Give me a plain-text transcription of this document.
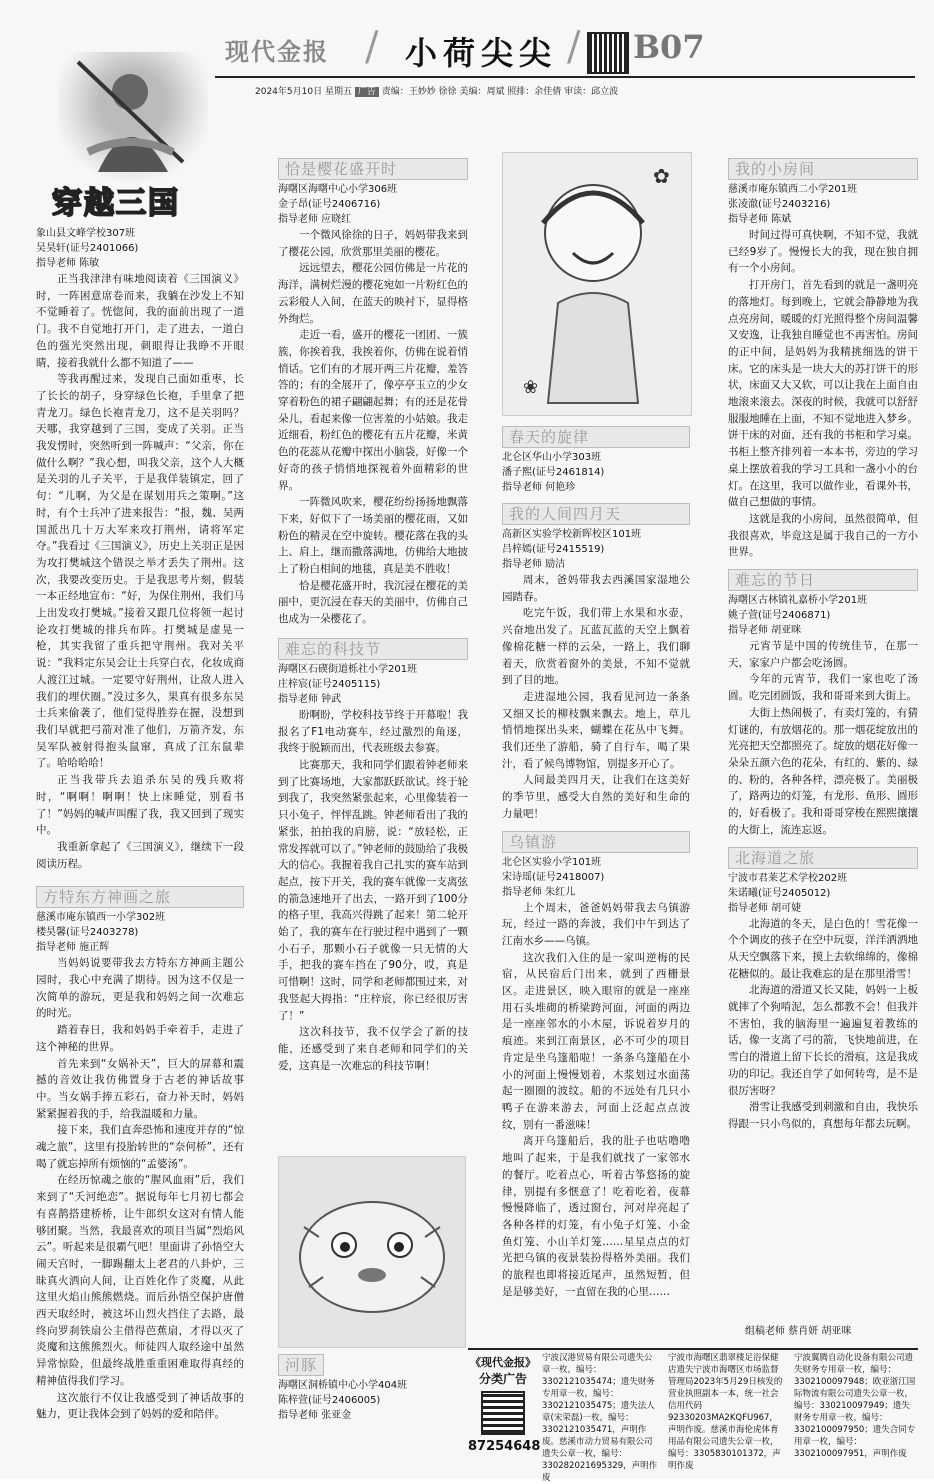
现代金报 / 小荷尖尖 / B07
2024年5月10日 星期五 广告 责编：王妙妙 徐徐 美编：周斌 照排：余佳倩 审读：邱立波
穿越三国
象山县文峰学校307班
吴昊轩(证号2401066)
指导老师 陈敏

正当我津津有味地阅读着《三国演义》时，一阵困意席卷而来，我躺在沙发上不知不觉睡着了。恍惚间，我的面前出现了一道门。我不自觉地打开门，走了进去，一道白色的强光突然出现，刺眼得让我睁不开眼睛，接着我就什么都不知道了——

等我再醒过来，发现自己面如重枣，长了长长的胡子，身穿绿色长袍，手里拿了把青龙刀。绿色长袍青龙刀，这不是关羽吗？天哪，我穿越到了三国，变成了关羽。正当我发愣时，突然听到一阵喊声：“父亲，你在做什么啊？”我心想，叫我父亲，这个人大概是关羽的儿子关平，于是我佯装镇定，回了句：“儿啊，为父是在谋划用兵之策啊。”这时，有个士兵冲了进来报告：“报，魏、吴两国派出几十万大军来攻打荆州，请将军定夺。”我看过《三国演义》，历史上关羽正是因为攻打樊城这个错误之举才丢失了荆州。这次，我要改变历史。于是我思考片刻，假装一本正经地宣布：“好，为保住荆州，我们马上出发攻打樊城。”接着又跟几位将领一起讨论攻打樊城的排兵布阵。打樊城是虚晃一枪，其实我留了重兵把守荆州。我对关平说：“我料定东吴会让士兵穿白衣，化妆成商人渡江过城。一定要守好荆州，让敌人进入我们的埋伏圈。”没过多久，果真有很多东吴士兵来偷袭了，他们觉得胜券在握，没想到我们早就把弓箭对准了他们，万箭齐发，东吴军队被射得抱头鼠窜，真成了江东鼠辈了。哈哈哈哈！

正当我带兵去追杀东吴的残兵败将时，“啊啊！啊啊！快上床睡觉，别看书了！”妈妈的喊声叫醒了我，我又回到了现实中。

我重新拿起了《三国演义》，继续下一段阅读历程。

方特东方神画之旅
慈溪市庵东镇西一小学302班
楼昊馨(证号2403278)
指导老师 施正辉

当妈妈说要带我去方特东方神画主题公园时，我心中充满了期待。因为这不仅是一次简单的游玩，更是我和妈妈之间一次难忘的时光。

踏着春日，我和妈妈手牵着手，走进了这个神秘的世界。

首先来到“女娲补天”，巨大的屏幕和震撼的音效让我仿佛置身于古老的神话故事中。当女娲手捧五彩石，奋力补天时，妈妈紧紧握着我的手，给我温暖和力量。

接下来，我们直奔恐怖和速度并存的“惊魂之旅”，这里有投胎转世的“奈何桥”，还有喝了就忘掉所有烦恼的“孟婆汤”。

在经历惊魂之旅的“腥风血雨”后，我们来到了“夭河绝恋”。据说每年七月初七都会有喜鹊搭建桥桥，让牛郎织女这对有情人能够团聚。当然，我最喜欢的项目当属“烈焰风云”。听起来是很霸气吧！里面讲了孙悟空大闹天宫时，一脚踢翻太上老君的八卦炉，三昧真火洒向人间，让百姓化作了炎魔，从此这里火焰山熊熊燃烧。而后孙悟空保护唐僧西天取经时，被这坏山烈火挡住了去路，最终向罗刹铁扇公主借得芭蕉扇，才得以灭了炎魔和这熊熊烈火。师徒四人取经途中虽然异常惊险，但最终战胜重重困难取得真经的精神值得我们学习。

这次旅行不仅让我感受到了神话故事的魅力，更让我体会到了妈妈的爱和陪伴。

恰是樱花盛开时
海曙区海曙中心小学306班
金子昂(证号2406716)
指导老师 应晓红

一个微风徐徐的日子，妈妈带我来到了樱花公园，欣赏那里美丽的樱花。

远远望去，樱花公园仿佛是一片花的海洋，满树烂漫的樱花宛如一片粉红色的云彩般人入间，在蓝天的映衬下，显得格外绚烂。

走近一看，盛开的樱花一团团、一簇簇，你挨着我，我挨着你，仿佛在说着悄悄话。它们有的才展开两三片花瓣，羞答答的；有的全展开了，像亭亭玉立的少女穿着粉色的裙子翩翩起舞；有的还是花骨朵儿，看起来像一位害羞的小姑娘。我走近细看，粉红色的樱花有五片花瓣，米黄色的花蕊从花瓣中探出小脑袋，好像一个好奇的孩子悄悄地探视着外面精彩的世界。

一阵微风吹来，樱花纷纷扬扬地飘落下来，好似下了一场美丽的樱花雨，又如粉色的精灵在空中旋转。樱花落在我的头上、肩上，继而撒落满地，仿佛给大地披上了粉白相间的地毯，真是美不胜收！

恰是樱花盛开时，我沉浸在樱花的美丽中，更沉浸在春天的美丽中，仿佛自己也成为一朵樱花了。

难忘的科技节
海曙区石碶街道栎社小学201班
庄梓宸(证号2405115)
指导老师 钟武

盼啊盼，学校科技节终于开幕啦！我报名了F1电动赛车，经过激烈的角逐，我终于脱颖而出，代表班级去参赛。

比赛那天，我和同学们跟着钟老师来到了比赛场地，大家都跃跃欲试。终于轮到我了，我突然紧张起来，心里像装着一只小兔子，怦怦乱跳。钟老师看出了我的紧张，拍拍我的肩膀，说：“放轻松，正常发挥就可以了。”钟老师的鼓励给了我极大的信心。我握着我自己扎实的赛车站到起点，按下开关，我的赛车就像一支离弦的箭急速地开了出去，一路开到了100分的格子里，我高兴得跳了起来！第二轮开始了，我的赛车在行驶过程中遇到了一颗小石子，那颗小石子就像一只无情的大手，把我的赛车挡在了90分，哎，真是可惜啊！这时，同学和老师都围过来，对我竖起大拇指：“庄梓宸，你已经很厉害了！”

这次科技节，我不仅学会了新的技能，还感受到了来自老师和同学们的关爱，这真是一次难忘的科技节啊！

河豚
海曙区洞桥镇中心小学404班
陈梓萱(证号2406005)
指导老师 张亚金
✿
❀
春天的旋律
北仑区华山小学303班
潘子熙(证号2461814)
指导老师 何艳珍
我的人间四月天
高新区实验学校新晖校区101班
吕梓嫣(证号2415519)
指导老师 励洁

周末，爸妈带我去西溪国家湿地公园踏春。

吃完午饭，我们带上水果和水壶，兴奋地出发了。瓦蓝瓦蓝的天空上飘着像棉花糖一样的云朵，一路上，我们聊着天，欣赏着窗外的美景，不知不觉就到了目的地。

走进湿地公园，我看见河边一条条又细又长的柳枝飘来飘去。地上，草儿悄悄地探出头来，蝴蝶在花丛中飞舞。我们还坐了游船，骑了自行车，喝了果汁，看了候鸟博物馆，别提多开心了。

人间最美四月天，让我们在这美好的季节里，感受大自然的美好和生命的力量吧！

乌镇游
北仑区实验小学101班
宋诗瑶(证号2418007)
指导老师 朱红儿

上个周末，爸爸妈妈带我去乌镇游玩，经过一路的奔波，我们中午到达了江南水乡——乌镇。

这次我们入住的是一家叫逆梅的民宿，从民宿后门出来，就到了西栅景区。走进景区，映入眼帘的就是一座座用石头堆砌的桥梁跨河面，河面的两边是一座座邻水的小木屋，诉说着岁月的痕迹。来到江南景区，必不可少的项目肯定是坐乌篷船啦！一条条乌篷船在小小的河面上慢慢划着，木浆划过水面荡起一圈圈的波纹。船的不远处有几只小鸭子在游来游去，河面上泛起点点波纹，别有一番滋味！

离开乌篷船后，我的肚子也咕噜噜地叫了起来，于是我们就找了一家邻水的餐厅。吃着点心，听着古筝悠扬的旋律，别提有多惬意了！吃着吃着，夜幕慢慢降临了，透过窗台，河对岸亮起了各种各样的灯笼，有小兔子灯笼、小金鱼灯笼、小山羊灯笼……星星点点的灯光把乌镇的夜景装扮得格外美丽。我们的旅程也即将接近尾声，虽然短暂，但是是够美好，一直留在我的心里……

我的小房间
慈溪市庵东镇西二小学201班
张凌澈(证号2403216)
指导老师 陈斌

时间过得可真快啊，不知不觉，我就已经9岁了。慢慢长大的我，现在独自拥有一个小房间。

打开房门，首先看到的就是一盏明亮的落地灯。每到晚上，它就会静静地为我点亮房间，暖暖的灯光照得整个房间温馨又安逸，让我独自睡觉也不再害怕。房间的正中间，是妈妈为我精挑细选的饼干床。它的床头是一块大大的苏打饼干的形状，床面又大又软，可以让我在上面自由地滚来滚去。深夜的时候，我就可以舒舒服服地睡在上面，不知不觉地进入梦乡。饼干床的对面，还有我的书柜和学习桌。书柜上整齐排列着一本本书，旁边的学习桌上摆放着我的学习工具和一盏小小的台灯。在这里，我可以做作业，看课外书，做自己想做的事情。

这就是我的小房间，虽然很简单，但我很喜欢，毕竟这是属于我自己的一方小世界。

难忘的节日
海曙区古林镇礼嘉桥小学201班
姚子萱(证号2406871)
指导老师 胡亚咪

元宵节是中国的传统佳节，在那一天，家家户户都会吃汤圆。

今年的元宵节，我们一家也吃了汤圆。吃完团圆饭，我和哥哥来到大街上。

大街上热闹极了，有卖灯笼的，有猜灯谜的，有放烟花的。那一烟花绽放出的光亮把天空都照亮了。绽放的烟花好像一朵朵五颜六色的花朵，有红的、紫的、绿的、粉的，各种各样，漂亮极了。美丽极了，路两边的灯笼，有龙形、鱼形、圆形的，好看极了。我和哥哥穿梭在熙熙攘攘的大街上，流连忘返。

北海道之旅
宁波市君莱艺术学校202班
朱诺曦(证号2405012)
指导老师 胡可婕

北海道的冬天，是白色的！雪花像一个个调皮的孩子在空中玩耍，洋洋洒洒地从天空飘落下来，摸上去软绵绵的，像棉花糖似的。最让我难忘的是在那里滑雪！

北海道的滑道又长又陡，妈妈一上板就摔了个狗啃泥，怎么都教不会！但我并不害怕，我的脑海里一遍遍复着教练的话，像一支离了弓的箭，飞快地前进，在雪白的滑道上留下长长的滑痕，这是我成功的印记。我还自学了如何转弯，是不是很厉害呀？

滑雪让我感受到刺激和自由，我快乐得跟一只小鸟似的，真想每年都去玩啊。

组稿老师 蔡肖妍 胡亚咪
《现代金报》
分类广告
87254648
宁波汉港贸易有限公司遗失公章一枚，编号：3302121035474；遗失财务专用章一枚，编号：3302121035475；遗失法人章(宋荣磊)一枚，编号：3302121035471，声明作废。慈溪市动力贸易有限公司遗失公章一枚，编号：330282021695329，声明作废
宁波市海曙区翡翠楼足浴保健店遗失宁波市海曙区市场监督管理局2023年5月29日核发的营业执照副本一本，统一社会信用代码92330203MA2KQFU967，声明作废。慈溪市海伦虎体育用品有限公司遗失公章一枚，编号：3305830101372，声明作废
宁波翼腾自动化设备有限公司遗失财务专用章一枚，编号：3302100097948；欧亚浙江国际物流有限公司遗失公章一枚，编号：330210097949；遗失财务专用章一枚，编号：3302100097950；遗失合同专用章一枚，编号：3302100097951，声明作废
